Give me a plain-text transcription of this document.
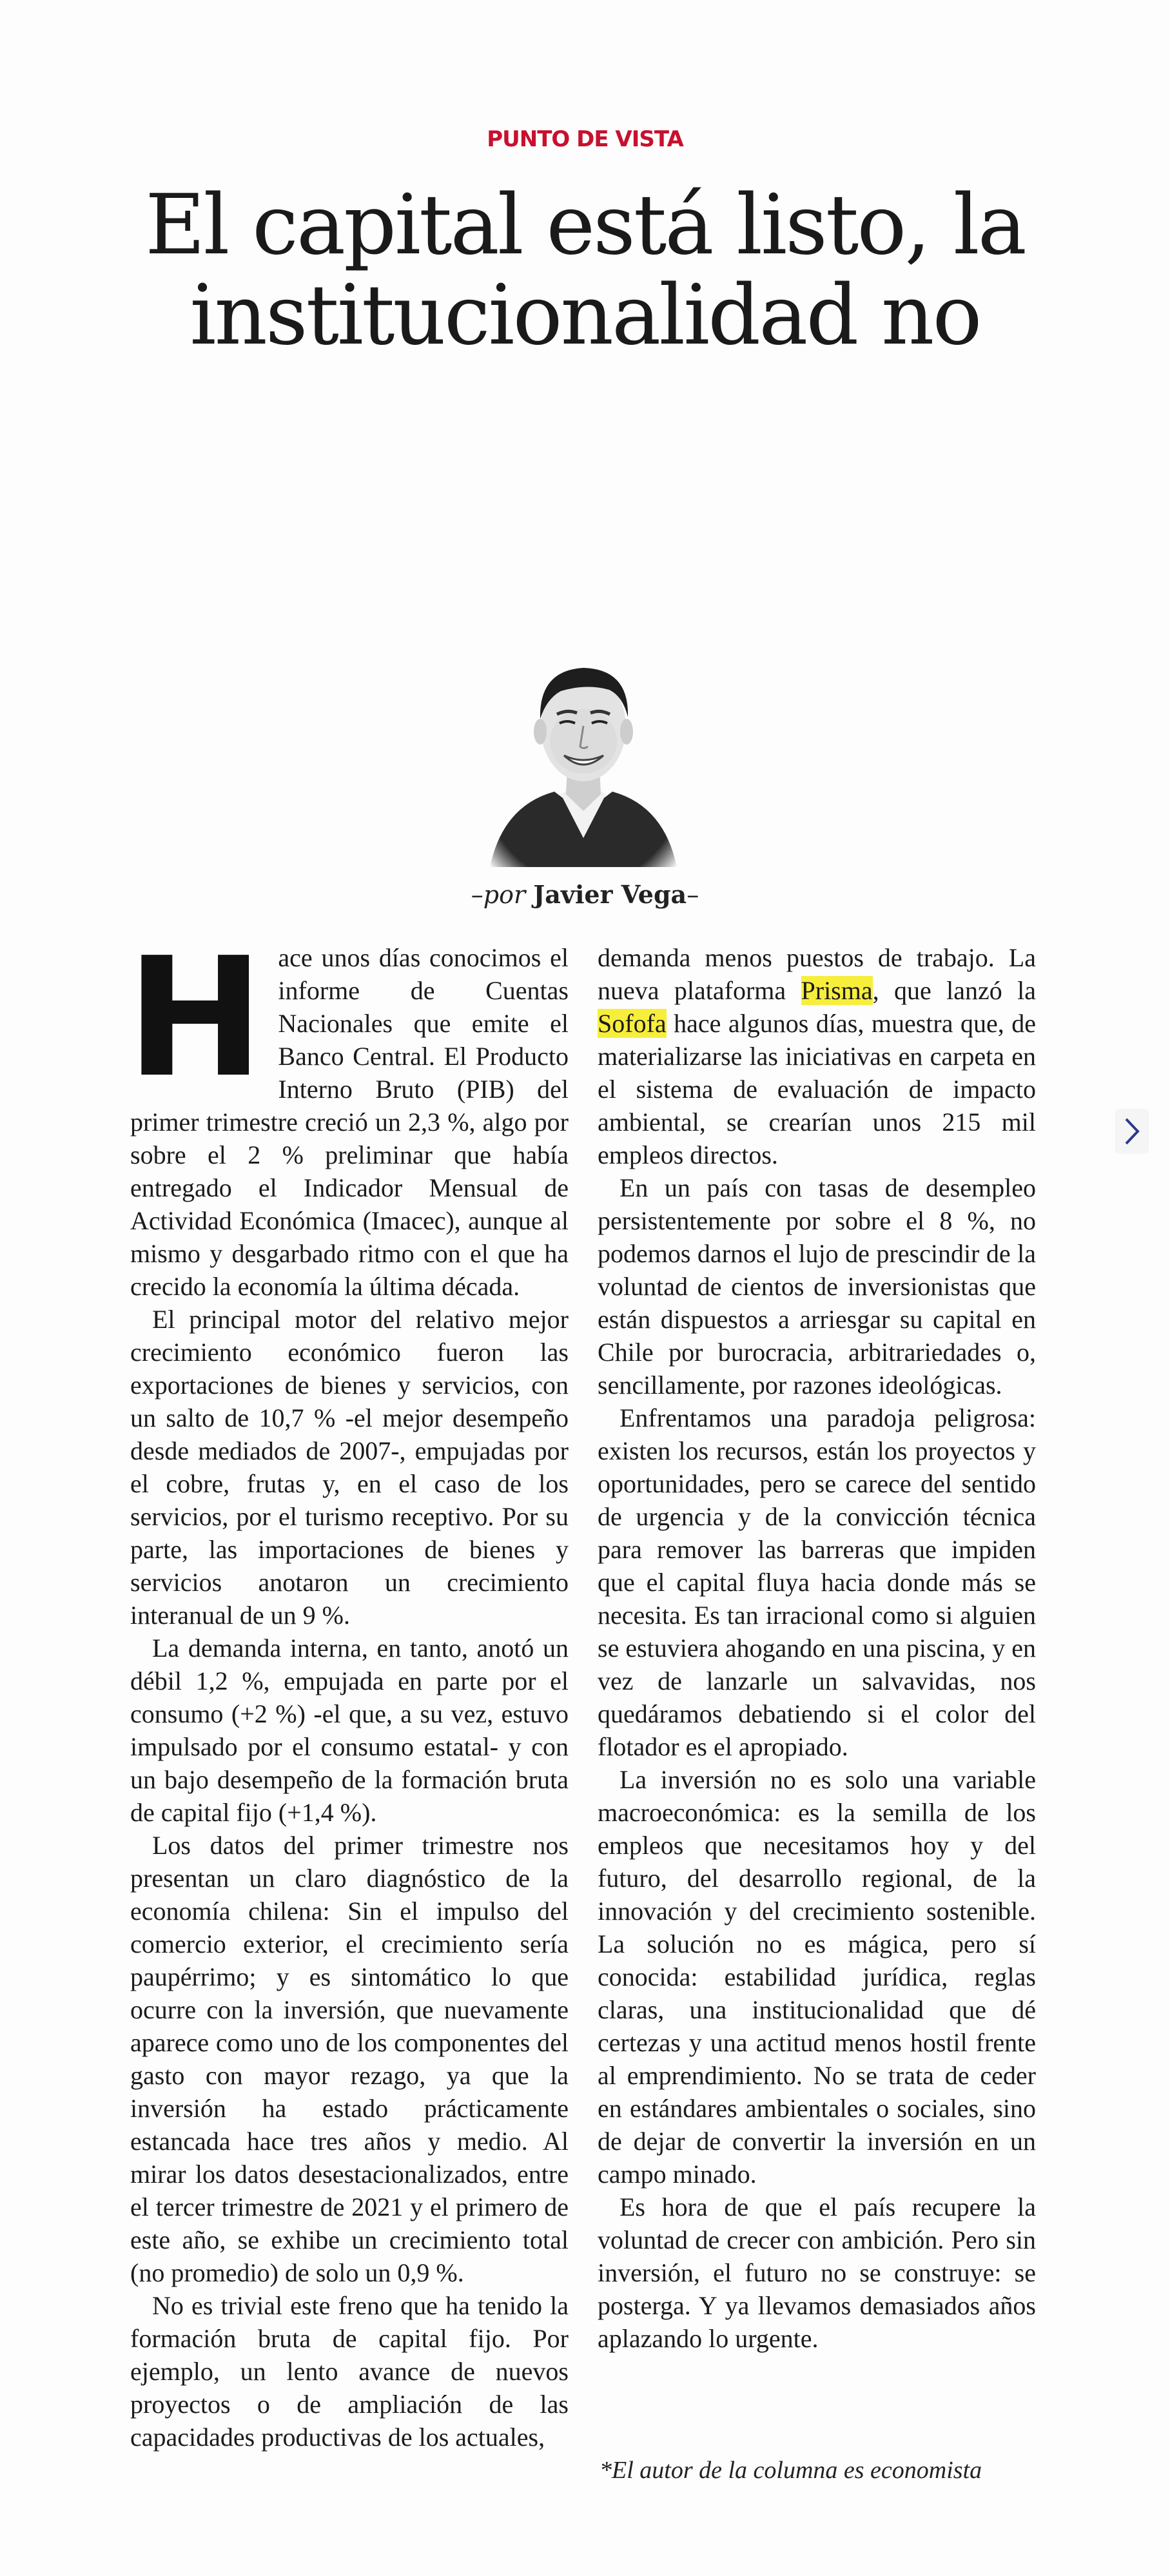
PUNTO DE VISTA
El capital está listo, la institucionalidad no
–por Javier Vega–

Hace unos días conocimos el informe de Cuentas Nacionales que emite el Banco Central. El Producto Interno Bruto (PIB) del primer trimestre creció un 2,3 %, algo por sobre el 2 % preliminar que había entregado el Indicador Mensual de Actividad Económica (Imacec), aunque al mismo y desgarbado ritmo con el que ha crecido la economía la última década.

El principal motor del relativo mejor crecimiento económico fueron las exportaciones de bienes y servicios, con un salto de 10,7 % -el mejor desempeño desde mediados de 2007-, empujadas por el cobre, frutas y, en el caso de los servicios, por el turismo receptivo. Por su parte, las importaciones de bienes y servicios anotaron un crecimiento interanual de un 9 %.

La demanda interna, en tanto, anotó un débil 1,2 %, empujada en parte por el consumo (+2 %) -el que, a su vez, estuvo impulsado por el consumo estatal- y con un bajo desempeño de la formación bruta de capital fijo (+1,4 %).

Los datos del primer trimestre nos presentan un claro diagnóstico de la economía chilena: Sin el impulso del comercio exterior, el crecimiento sería paupérrimo; y es sintomático lo que ocurre con la inversión, que nuevamente aparece como uno de los componentes del gasto con mayor rezago, ya que la inversión ha estado prácticamente estancada hace tres años y medio. Al mirar los datos desestacionalizados, entre el tercer trimestre de 2021 y el primero de este año, se exhibe un crecimiento total (no promedio) de solo un 0,9 %.

No es trivial este freno que ha tenido la formación bruta de capital fijo. Por ejemplo, un lento avance de nuevos proyectos o de ampliación de las capacidades productivas de los actuales,

demanda menos puestos de trabajo. La nueva plataforma Prisma, que lanzó la Sofofa hace algunos días, muestra que, de materializarse las iniciativas en carpeta en el sistema de evaluación de impacto ambiental, se crearían unos 215 mil empleos directos.

En un país con tasas de desempleo persistentemente por sobre el 8 %, no podemos darnos el lujo de prescindir de la voluntad de cientos de inversionistas que están dispuestos a arriesgar su capital en Chile por burocracia, arbitrariedades o, sencillamente, por razones ideológicas.

Enfrentamos una paradoja peligrosa: existen los recursos, están los proyectos y oportunidades, pero se carece del sentido de urgencia y de la convicción técnica para remover las barreras que impiden que el capital fluya hacia donde más se necesita. Es tan irracional como si alguien se estuviera ahogando en una piscina, y en vez de lanzarle un salvavidas, nos quedáramos debatiendo si el color del flotador es el apropiado.

La inversión no es solo una variable macroeconómica: es la semilla de los empleos que necesitamos hoy y del futuro, del desarrollo regional, de la innovación y del crecimiento sostenible. La solución no es mágica, pero sí conocida: estabilidad jurídica, reglas claras, una institucionalidad que dé certezas y una actitud menos hostil frente al emprendimiento. No se trata de ceder en estándares ambientales o sociales, sino de dejar de convertir la inversión en un campo minado.

Es hora de que el país recupere la voluntad de crecer con ambición. Pero sin inversión, el futuro no se construye: se posterga. Y ya llevamos demasiados años aplazando lo urgente.

*El autor de la columna es economista
